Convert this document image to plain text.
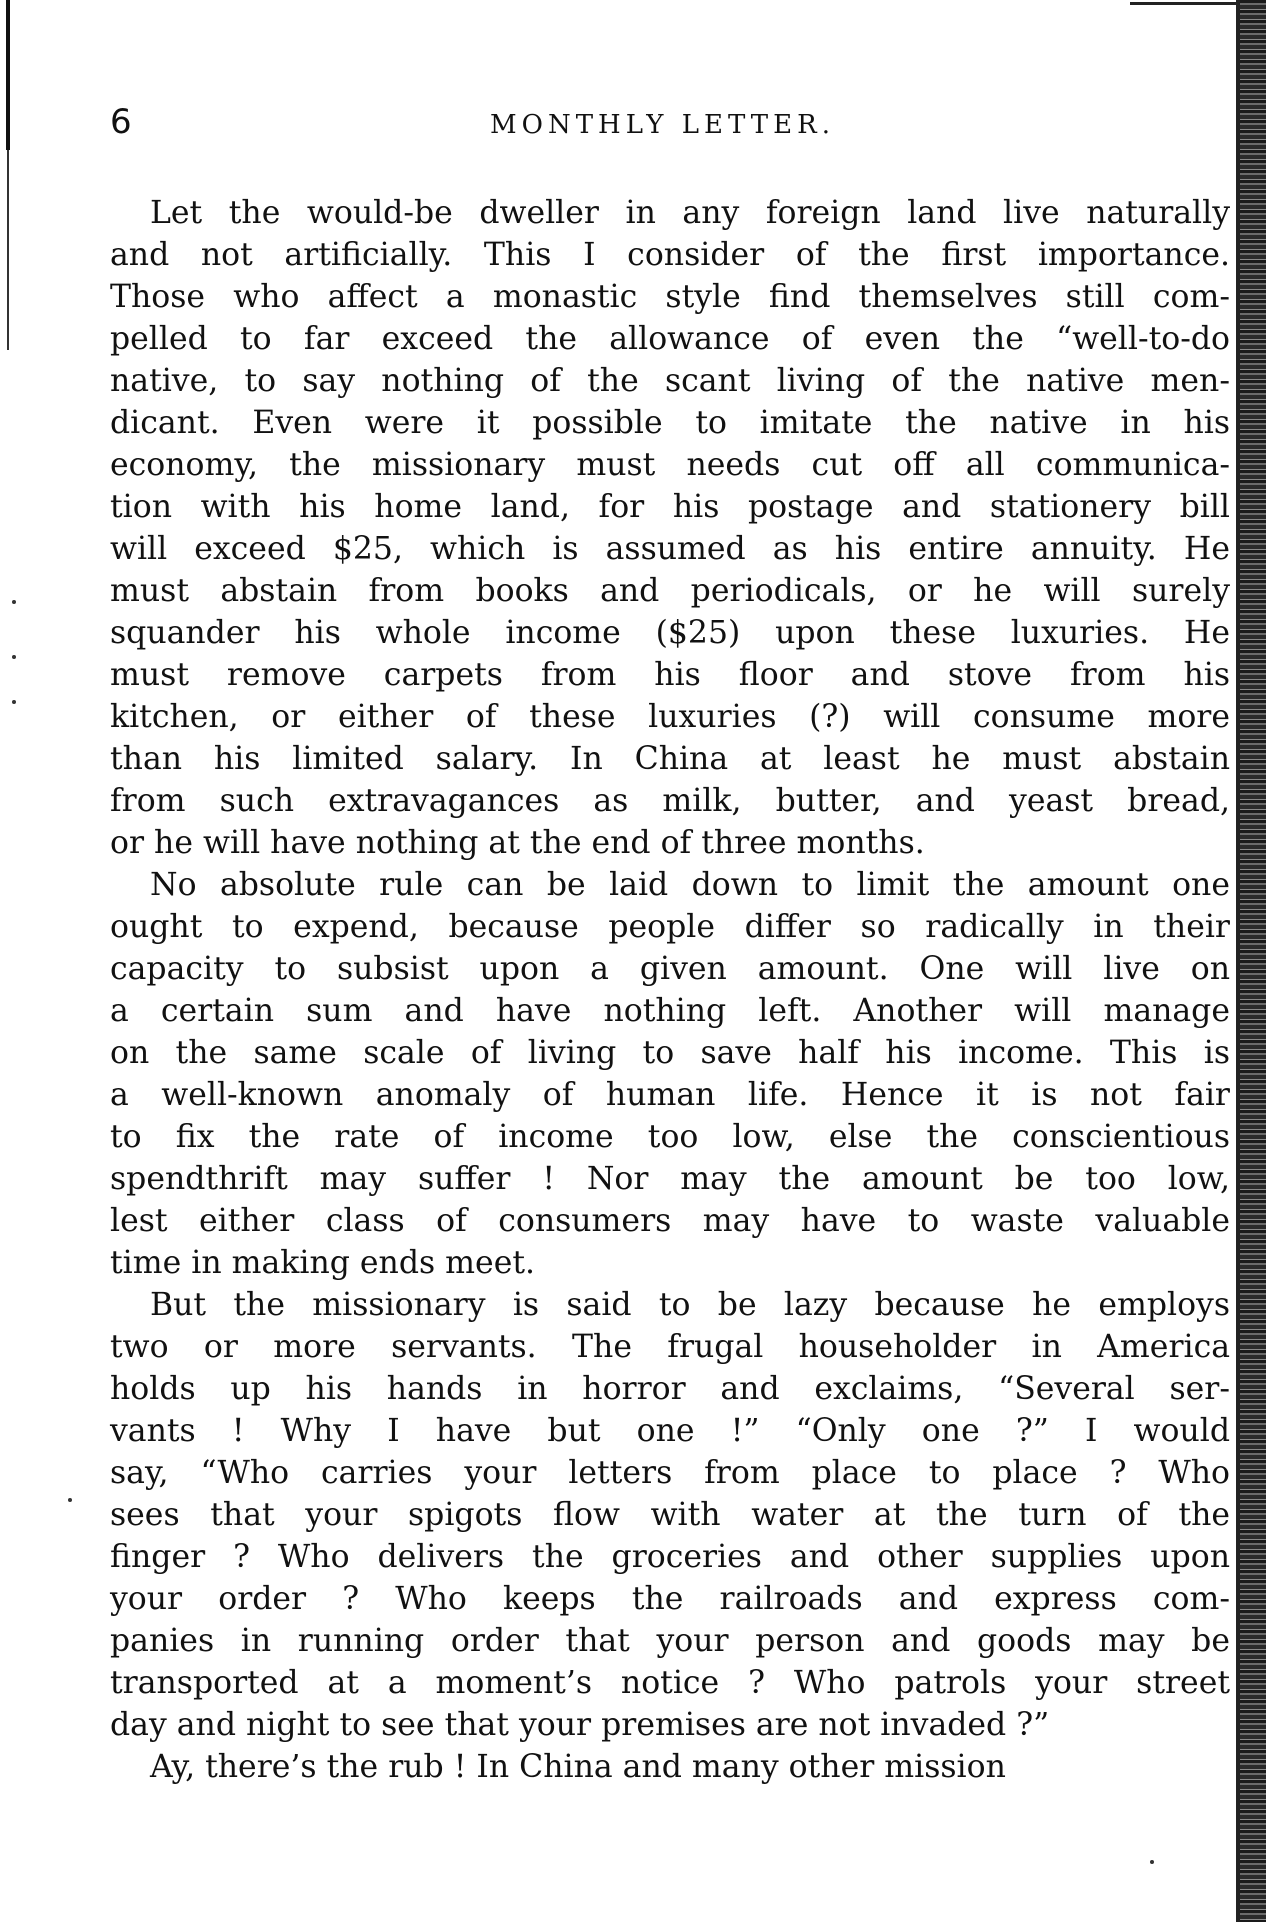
6	MONTHLY LETTER.
Let the would-be dweller in any foreign land live naturally
and not artificially. This I consider of the first importance.
Those who affect a monastic style find themselves still com-
pelled to far exceed the allowance of even the “well-to-do
native, to say nothing of the scant living of the native men-
dicant. Even were it possible to imitate the native in his
economy, the missionary must needs cut off all communica-
tion with his home land, for his postage and stationery bill
will exceed $25, which is assumed as his entire annuity. He
must abstain from books and periodicals, or he will surely
squander his whole income ($25) upon these luxuries. He
must remove carpets from his floor and stove from his
kitchen, or either of these luxuries (?) will consume more
than his limited salary. In China at least he must abstain
from such extravagances as milk, butter, and yeast bread,
or he will have nothing at the end of three months.
No absolute rule can be laid down to limit the amount one
ought to expend, because people differ so radically in their
capacity to subsist upon a given amount. One will live on
a certain sum and have nothing left. Another will manage
on the same scale of living to save half his income. This is
a well-known anomaly of human life. Hence it is not fair
to fix the rate of income too low, else the conscientious
spendthrift may suffer ! Nor may the amount be too low,
lest either class of consumers may have to waste valuable
time in making ends meet.
But the missionary is said to be lazy because he employs
two or more servants. The frugal householder in America
holds up his hands in horror and exclaims, “Several ser-
vants ! Why I have but one !” “Only one ?” I would
say, “Who carries your letters from place to place ? Who
sees that your spigots flow with water at the turn of the
finger ? Who delivers the groceries and other supplies upon
your order ? Who keeps the railroads and express com-
panies in running order that your person and goods may be
transported at a moment’s notice ? Who patrols your street
day and night to see that your premises are not invaded ?”
Ay, there’s the rub ! In China and many other mission
